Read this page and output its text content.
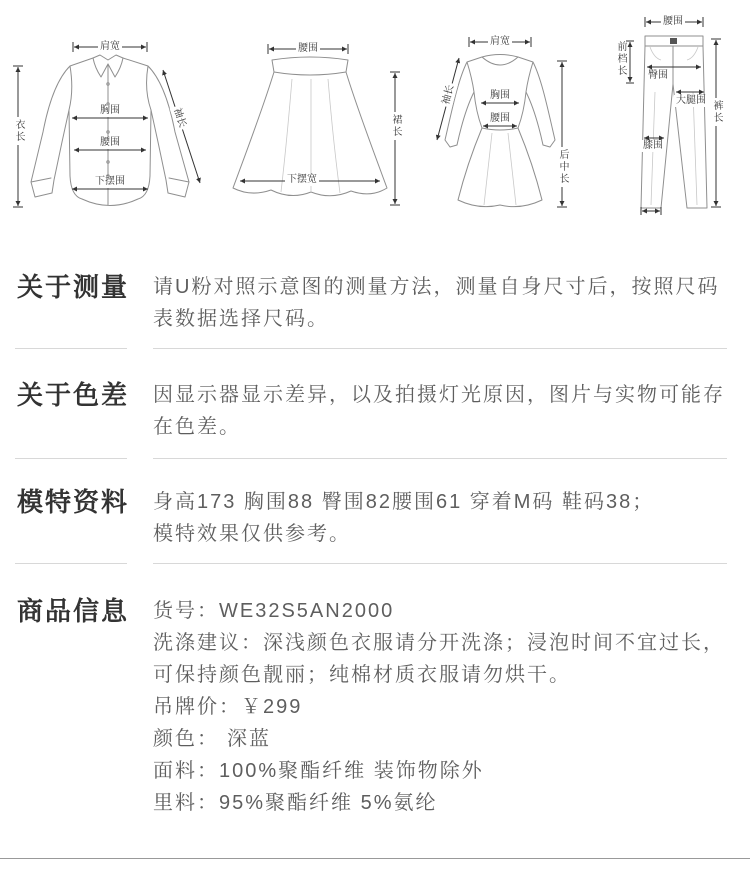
肩宽
衣长
胸围	袖长
腰围
下摆围
腰围
裙长
下摆宽
肩宽
袖长	胸围
腰围
后中长
腰围
前档长 臀围
大腿围 裤长
膝围
关于测量 请U粉对照示意图的测量方法，测量自身尺寸后，按照尺码
表数据选择尺码。
关于色差 因显示器显示差异，以及拍摄灯光原因，图片与实物可能存
在色差。
模特资料 身高173 胸围88 臀围82腰围61 穿着M码 鞋码38；
模特效果仅供参考。
商品信息 货号：WE32S5AN2000
洗涤建议：深浅颜色衣服请分开洗涤；浸泡时间不宜过长，
可保持颜色靓丽；纯棉材质衣服请勿烘干。
吊牌价：￥299
颜色： 深蓝
面料：100%聚酯纤维 装饰物除外
里料：95%聚酯纤维 5%氨纶
